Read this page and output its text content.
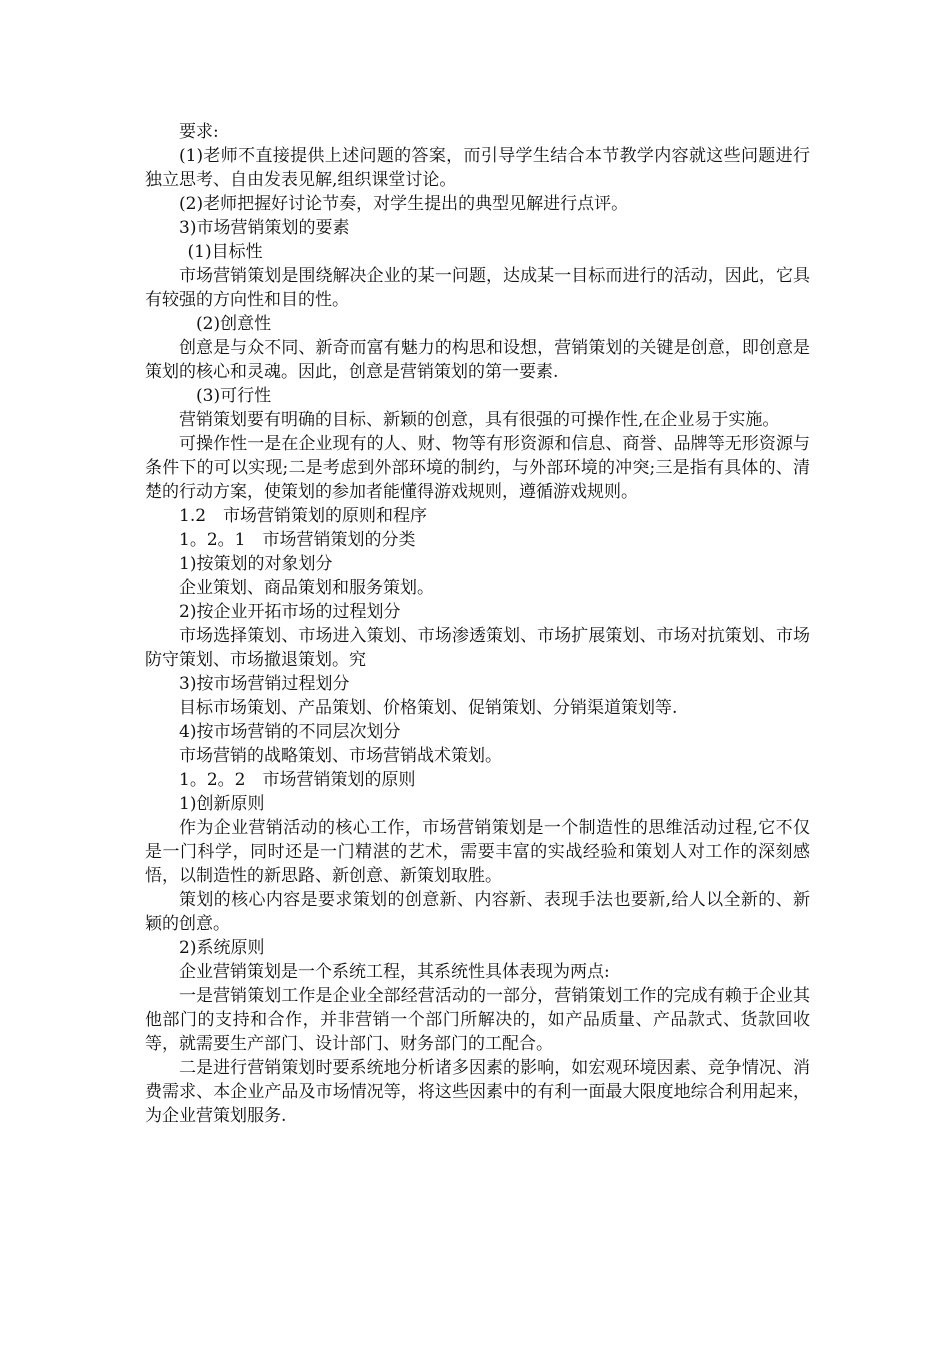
要求:

(1)老师不直接提供上述问题的答案，而引导学生结合本节教学内容就这些问题进行独立思考、自由发表见解,组织课堂讨论。

(2)老师把握好讨论节奏，对学生提出的典型见解进行点评。

3)市场营销策划的要素

(1)目标性

市场营销策划是围绕解决企业的某一问题，达成某一目标而进行的活动，因此，它具有较强的方向性和目的性。

(2)创意性

创意是与众不同、新奇而富有魅力的构思和设想，营销策划的关键是创意，即创意是策划的核心和灵魂。因此，创意是营销策划的第一要素.

(3)可行性

营销策划要有明确的目标、新颖的创意，具有很强的可操作性,在企业易于实施。

可操作性一是在企业现有的人、财、物等有形资源和信息、商誉、品牌等无形资源与条件下的可以实现;二是考虑到外部环境的制约，与外部环境的冲突;三是指有具体的、清楚的行动方案，使策划的参加者能懂得游戏规则，遵循游戏规则。

1.2　市场营销策划的原则和程序

1。2。1　市场营销策划的分类

1)按策划的对象划分

企业策划、商品策划和服务策划。

2)按企业开拓市场的过程划分

市场选择策划、市场进入策划、市场渗透策划、市场扩展策划、市场对抗策划、市场防守策划、市场撤退策划。究

3)按市场营销过程划分

目标市场策划、产品策划、价格策划、促销策划、分销渠道策划等.

4)按市场营销的不同层次划分

市场营销的战略策划、市场营销战术策划。

1。2。2　市场营销策划的原则

1)创新原则

作为企业营销活动的核心工作，市场营销策划是一个制造性的思维活动过程,它不仅是一门科学，同时还是一门精湛的艺术，需要丰富的实战经验和策划人对工作的深刻感悟，以制造性的新思路、新创意、新策划取胜。

策划的核心内容是要求策划的创意新、内容新、表现手法也要新,给人以全新的、新颖的创意。

2)系统原则

企业营销策划是一个系统工程，其系统性具体表现为两点:

一是营销策划工作是企业全部经营活动的一部分，营销策划工作的完成有赖于企业其他部门的支持和合作，并非营销一个部门所解决的，如产品质量、产品款式、货款回收等，就需要生产部门、设计部门、财务部门的工配合。

二是进行营销策划时要系统地分析诸多因素的影响，如宏观环境因素、竞争情况、消费需求、本企业产品及市场情况等，将这些因素中的有利一面最大限度地综合利用起来，为企业营策划服务.
